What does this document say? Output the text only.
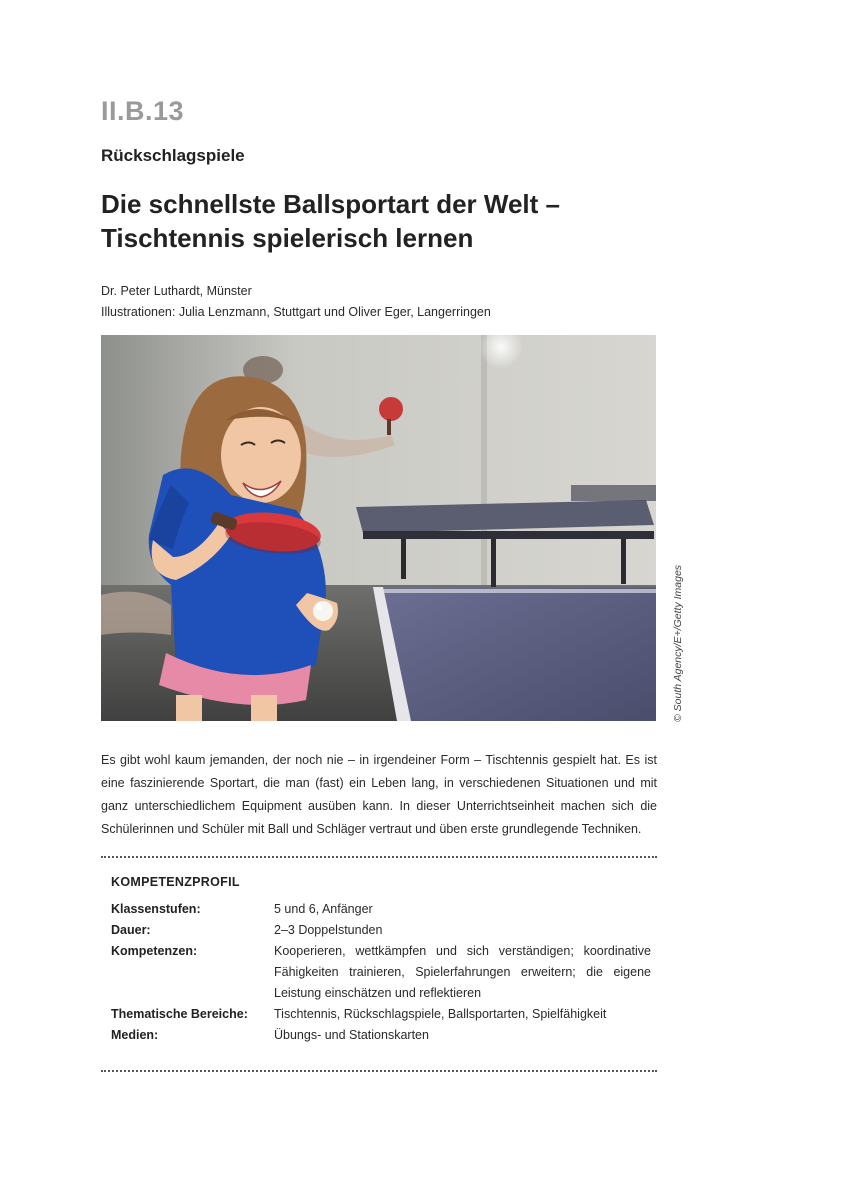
II.B.13
Rückschlagspiele
Die schnellste Ballsportart der Welt –
Tischtennis spielerisch lernen
Dr. Peter Luthardt, Münster
Illustrationen: Julia Lenzmann, Stuttgart und Oliver Eger, Langerringen
© South Agency/E+/Getty Images

Es gibt wohl kaum jemanden, der noch nie – in irgendeiner Form – Tischtennis gespielt hat. Es ist eine faszinierende Sportart, die man (fast) ein Leben lang, in verschiedenen Situationen und mit ganz unterschiedlichem Equipment ausüben kann. In dieser Unterrichtseinheit machen sich die Schülerinnen und Schüler mit Ball und Schläger vertraut und üben erste grundlegende Techniken.

KOMPETENZPROFIL
Klassenstufen:	5 und 6, Anfänger
Dauer:	2–3 Doppelstunden
Kompetenzen:	Kooperieren, wettkämpfen und sich verständigen; koordinative Fähigkeiten trainieren, Spielerfahrungen erweitern; die eigene Leistung einschätzen und reflektieren
Thematische Bereiche:	Tischtennis, Rückschlagspiele, Ballsportarten, Spielfähigkeit
Medien:	Übungs- und Stationskarten
